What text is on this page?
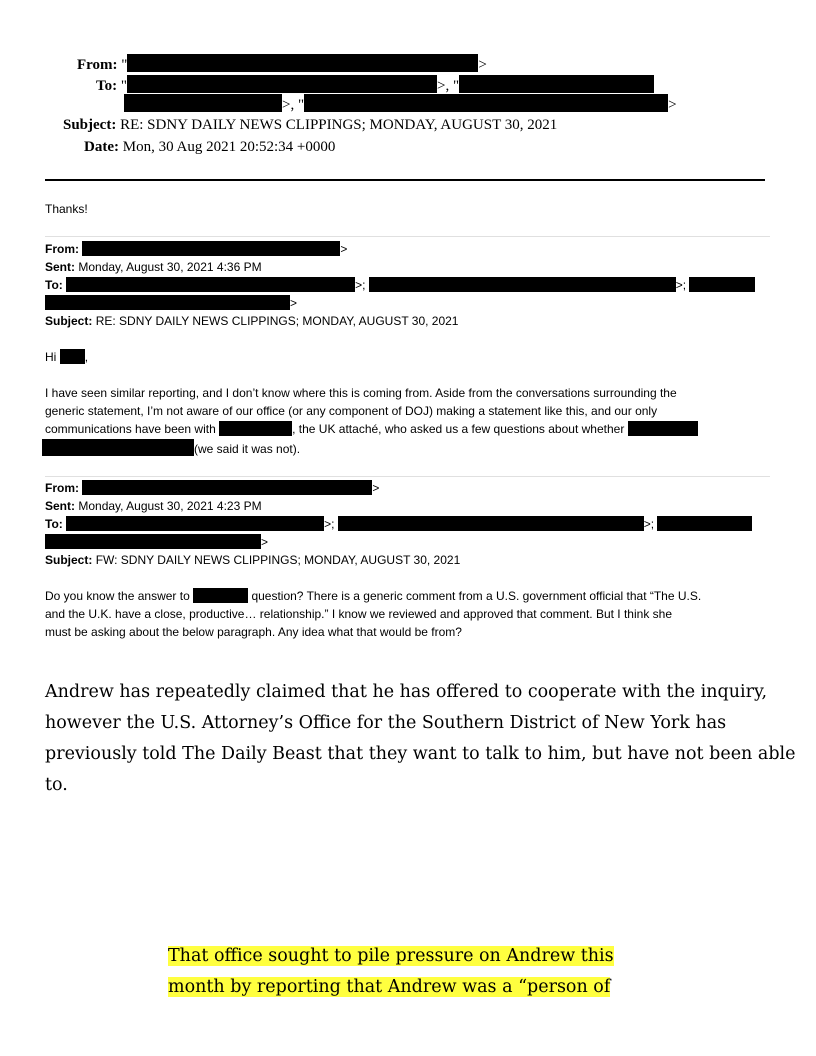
From: "	>
To: "	>, "
>, "	>
Subject: RE: SDNY DAILY NEWS CLIPPINGS; MONDAY, AUGUST 30, 2021
Date: Mon, 30 Aug 2021 20:52:34 +0000
Thanks!
From:	>
Sent: Monday, August 30, 2021 4:36 PM
To:	>;	>;
>
Subject: RE: SDNY DAILY NEWS CLIPPINGS; MONDAY, AUGUST 30, 2021
Hi ,
I have seen similar reporting, and I don’t know where this is coming from. Aside from the conversations surrounding the
generic statement, I’m not aware of our office (or any component of DOJ) making a statement like this, and our only
communications have been with	, the UK attaché, who asked us a few questions about whether
(we said it was not).
From:	>
Sent: Monday, August 30, 2021 4:23 PM
To:	>;	>;
>
Subject: FW: SDNY DAILY NEWS CLIPPINGS; MONDAY, AUGUST 30, 2021
Do you know the answer to	question? There is a generic comment from a U.S. government official that “The U.S.
and the U.K. have a close, productive… relationship.” I know we reviewed and approved that comment. But I think she
must be asking about the below paragraph. Any idea what that would be from?
Andrew has repeatedly claimed that he has offered to cooperate with the inquiry,
however the U.S. Attorney’s Office for the Southern District of New York has
previously told The Daily Beast that they want to talk to him, but have not been able
to.
That office sought to pile pressure on Andrew this
month by reporting that Andrew was a “person of
